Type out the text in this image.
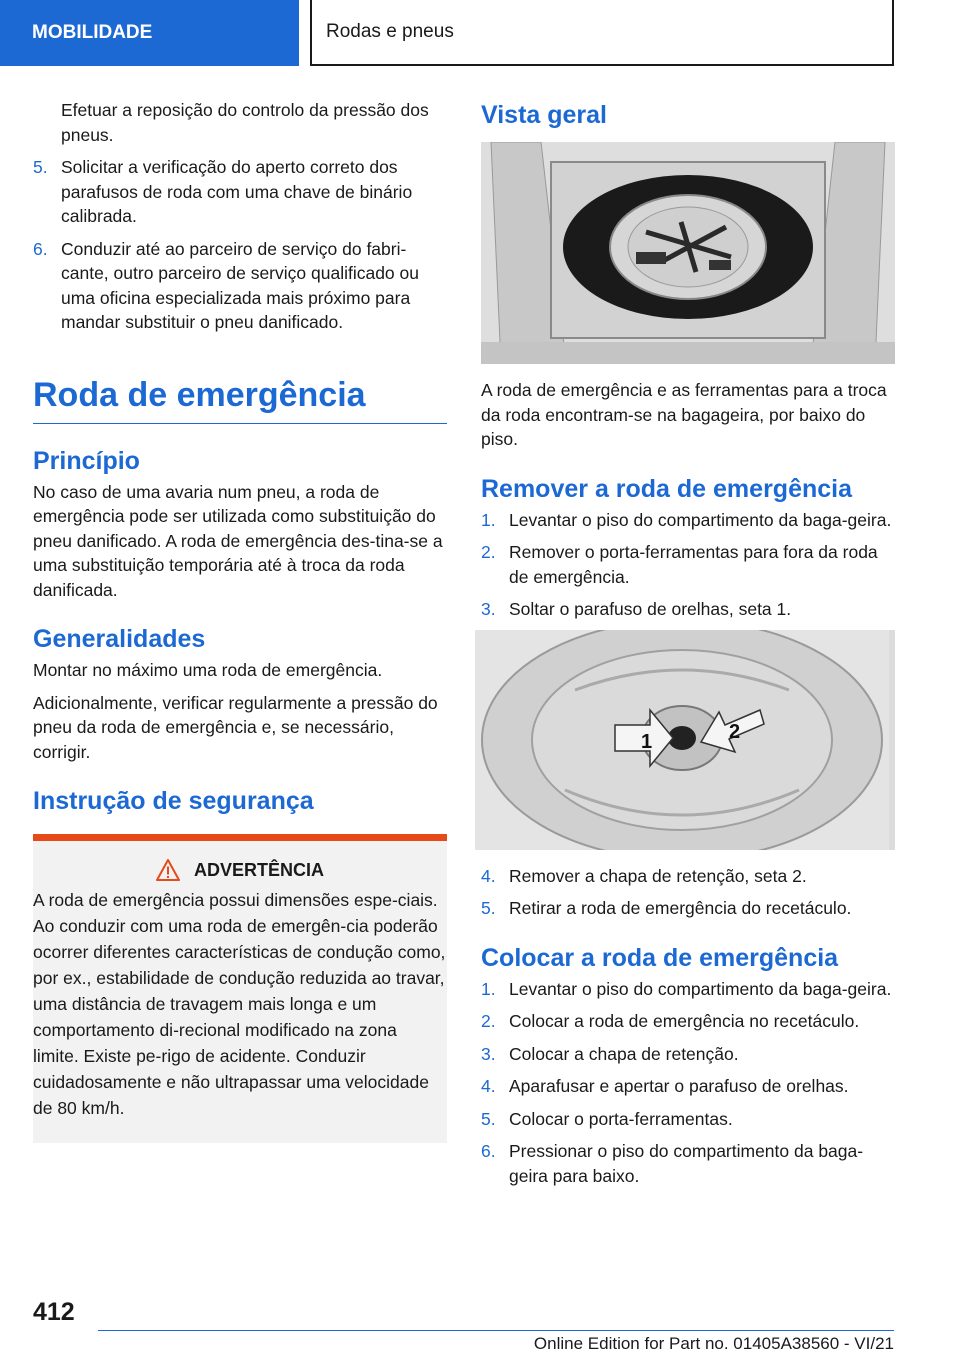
MOBILIDADE	Rodas e pneus
Efetuar a reposição do controlo da pressão dos pneus.
5. Solicitar a verificação do aperto correto dos parafusos de roda com uma chave de binário calibrada.
6. Conduzir até ao parceiro de serviço do fabri-cante, outro parceiro de serviço qualificado ou uma oficina especializada mais próximo para mandar substituir o pneu danificado.
Roda de emergência
Princípio

No caso de uma avaria num pneu, a roda de emergência pode ser utilizada como substituição do pneu danificado. A roda de emergência des-tina-se a uma substituição temporária até à troca da roda danificada.

Generalidades

Montar no máximo uma roda de emergência.

Adicionalmente, verificar regularmente a pressão do pneu da roda de emergência e, se necessário, corrigir.

Instrução de segurança
ADVERTÊNCIA

A roda de emergência possui dimensões espe-ciais. Ao conduzir com uma roda de emergên-cia poderão ocorrer diferentes características de condução como, por ex., estabilidade de condução reduzida ao travar, uma distância de travagem mais longa e um comportamento di-recional modificado na zona limite. Existe pe-rigo de acidente. Conduzir cuidadosamente e não ultrapassar uma velocidade de 80 km/h.

Vista geral

A roda de emergência e as ferramentas para a troca da roda encontram-se na bagageira, por baixo do piso.

Remover a roda de emergência
1. Levantar o piso do compartimento da baga-geira.
2. Remover o porta-ferramentas para fora da roda de emergência.
3. Soltar o parafuso de orelhas, seta 1.
1	2
4. Remover a chapa de retenção, seta 2.
5. Retirar a roda de emergência do recetáculo.
Colocar a roda de emergência
1. Levantar o piso do compartimento da baga-geira.
2. Colocar a roda de emergência no recetáculo.
3. Colocar a chapa de retenção.
4. Aparafusar e apertar o parafuso de orelhas.
5. Colocar o porta-ferramentas.
6. Pressionar o piso do compartimento da baga-geira para baixo.
412
Online Edition for Part no. 01405A38560 - VI/21
